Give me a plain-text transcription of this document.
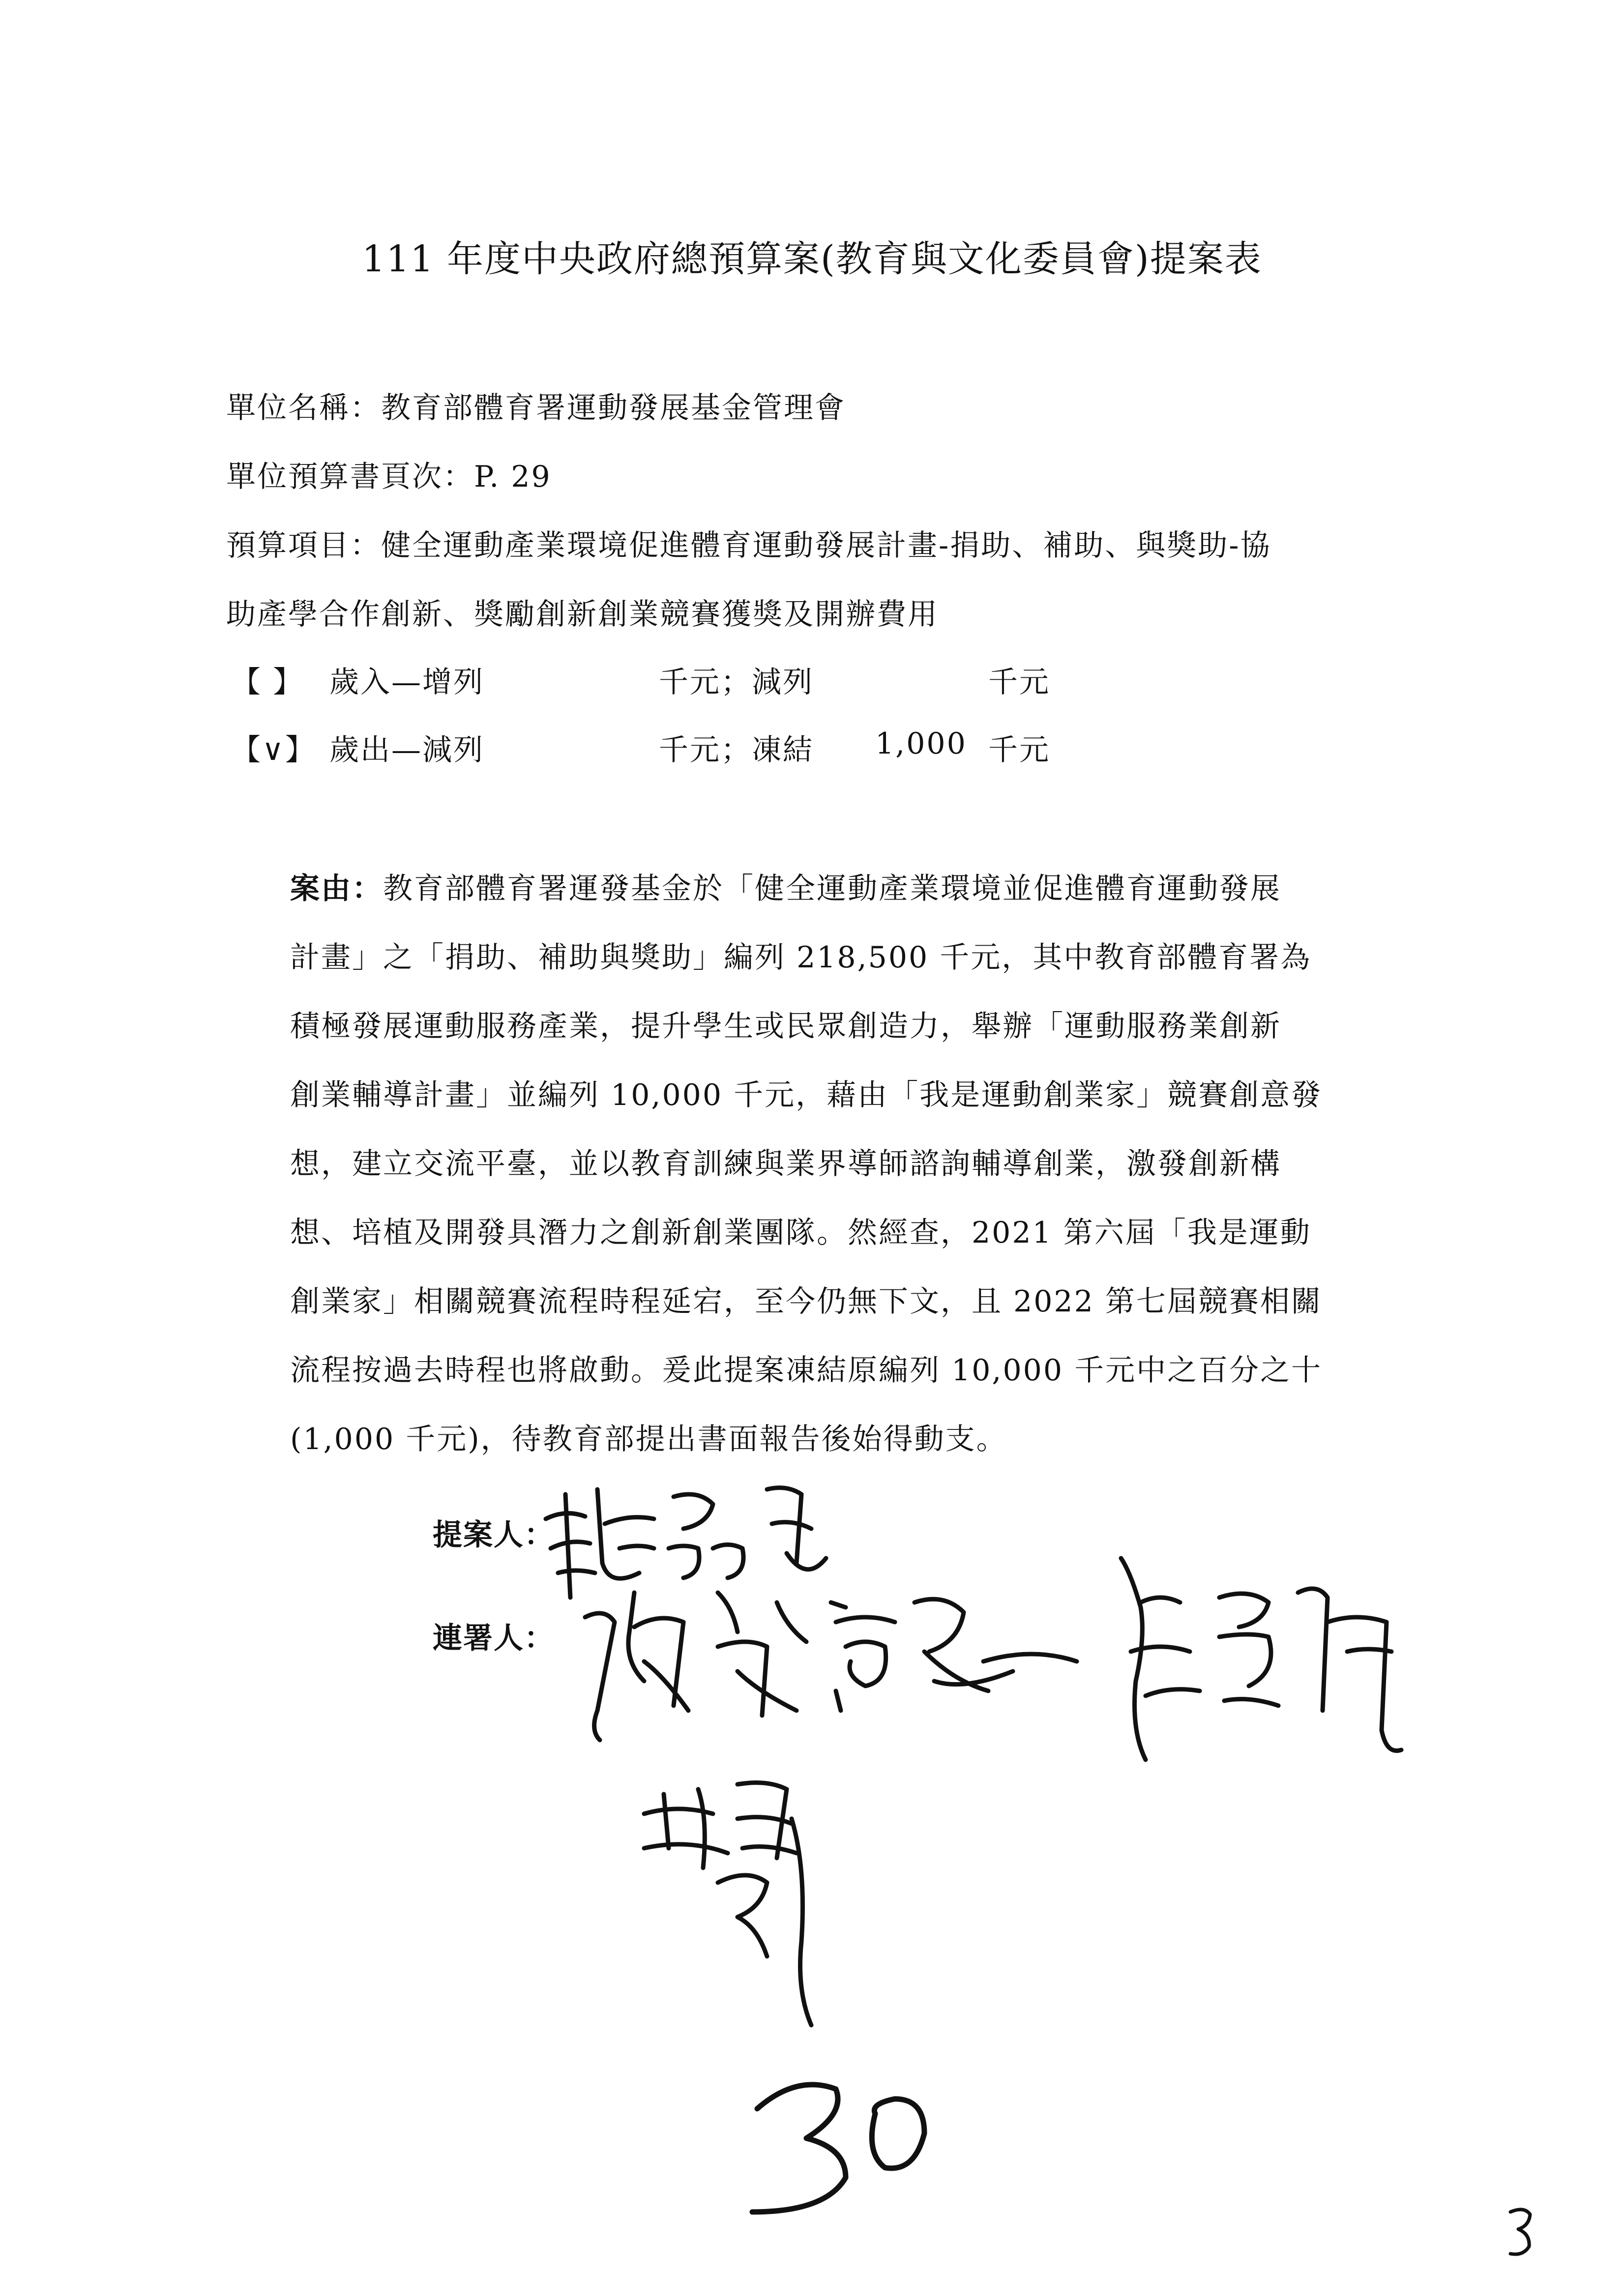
111 年度中央政府總預算案(教育與文化委員會)提案表
單位名稱：教育部體育署運動發展基金管理會
單位預算書頁次：P. 29
預算項目：健全運動產業環境促進體育運動發展計畫-捐助、補助、與獎助-協
助產學合作創新、獎勵創新創業競賽獲獎及開辦費用
【 】 歲入—增列	千元；減列	千元
【∨】 歲出—減列	千元；凍結 1,000 千元
案由：教育部體育署運發基金於「健全運動產業環境並促進體育運動發展
計畫」之「捐助、補助與獎助」編列 218,500 千元，其中教育部體育署為
積極發展運動服務產業，提升學生或民眾創造力，舉辦「運動服務業創新
創業輔導計畫」並編列 10,000 千元，藉由「我是運動創業家」競賽創意發
想，建立交流平臺，並以教育訓練與業界導師諮詢輔導創業，激發創新構
想、培植及開發具潛力之創新創業團隊。然經查，2021 第六屆「我是運動
創業家」相關競賽流程時程延宕，至今仍無下文，且 2022 第七屆競賽相關
流程按過去時程也將啟動。爰此提案凍結原編列 10,000 千元中之百分之十
(1,000 千元)，待教育部提出書面報告後始得動支。
提案人：
連署人：
